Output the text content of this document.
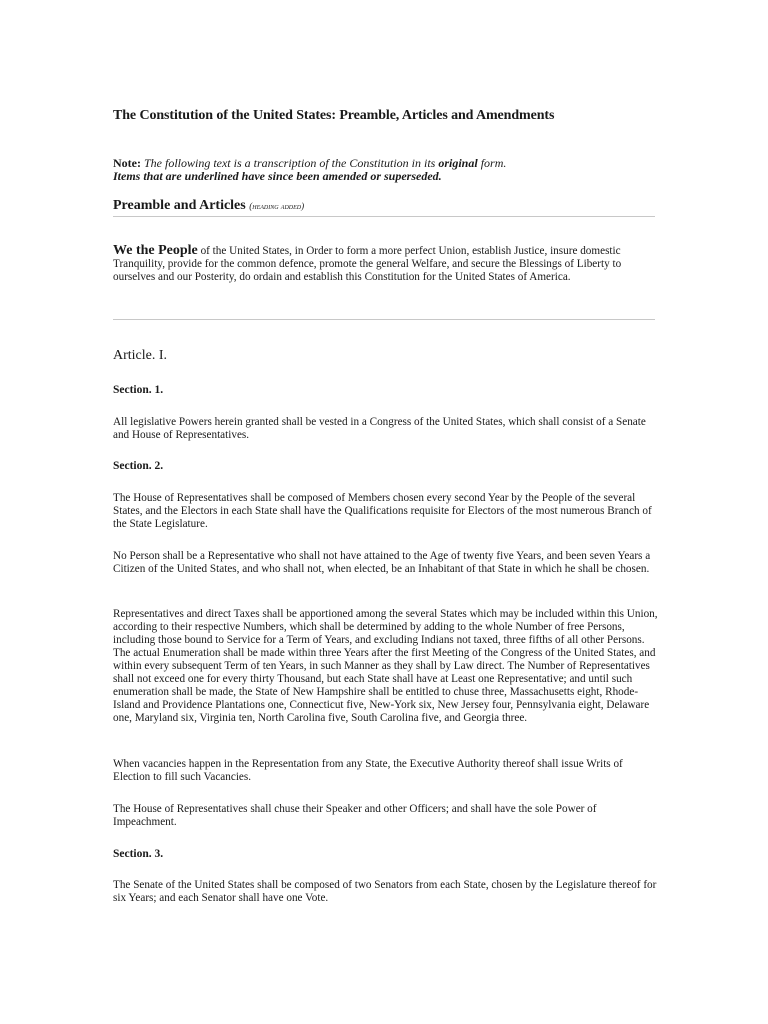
The Constitution of the United States: Preamble, Articles and Amendments
Note: The following text is a transcription of the Constitution in its original form.
Items that are underlined have since been amended or superseded.
Preamble and Articles (heading added)
We the People of the United States, in Order to form a more perfect Union, establish Justice, insure domestic Tranquility, provide for the common defence, promote the general Welfare, and secure the Blessings of Liberty to ourselves and our Posterity, do ordain and establish this Constitution for the United States of America.
Article. I.
Section. 1.
All legislative Powers herein granted shall be vested in a Congress of the United States, which shall consist of a Senate and House of Representatives.
Section. 2.
The House of Representatives shall be composed of Members chosen every second Year by the People of the several States, and the Electors in each State shall have the Qualifications requisite for Electors of the most numerous Branch of the State Legislature.
No Person shall be a Representative who shall not have attained to the Age of twenty five Years, and been seven Years a Citizen of the United States, and who shall not, when elected, be an Inhabitant of that State in which he shall be chosen.
Representatives and direct Taxes shall be apportioned among the several States which may be included within this Union, according to their respective Numbers, which shall be determined by adding to the whole Number of free Persons, including those bound to Service for a Term of Years, and excluding Indians not taxed, three fifths of all other Persons. The actual Enumeration shall be made within three Years after the first Meeting of the Congress of the United States, and within every subsequent Term of ten Years, in such Manner as they shall by Law direct. The Number of Representatives shall not exceed one for every thirty Thousand, but each State shall have at Least one Representative; and until such enumeration shall be made, the State of New Hampshire shall be entitled to chuse three, Massachusetts eight, Rhode-Island and Providence Plantations one, Connecticut five, New-York six, New Jersey four, Pennsylvania eight, Delaware one, Maryland six, Virginia ten, North Carolina five, South Carolina five, and Georgia three.
When vacancies happen in the Representation from any State, the Executive Authority thereof shall issue Writs of Election to fill such Vacancies.
The House of Representatives shall chuse their Speaker and other Officers; and shall have the sole Power of Impeachment.
Section. 3.
The Senate of the United States shall be composed of two Senators from each State, chosen by the Legislature thereof for six Years; and each Senator shall have one Vote.
